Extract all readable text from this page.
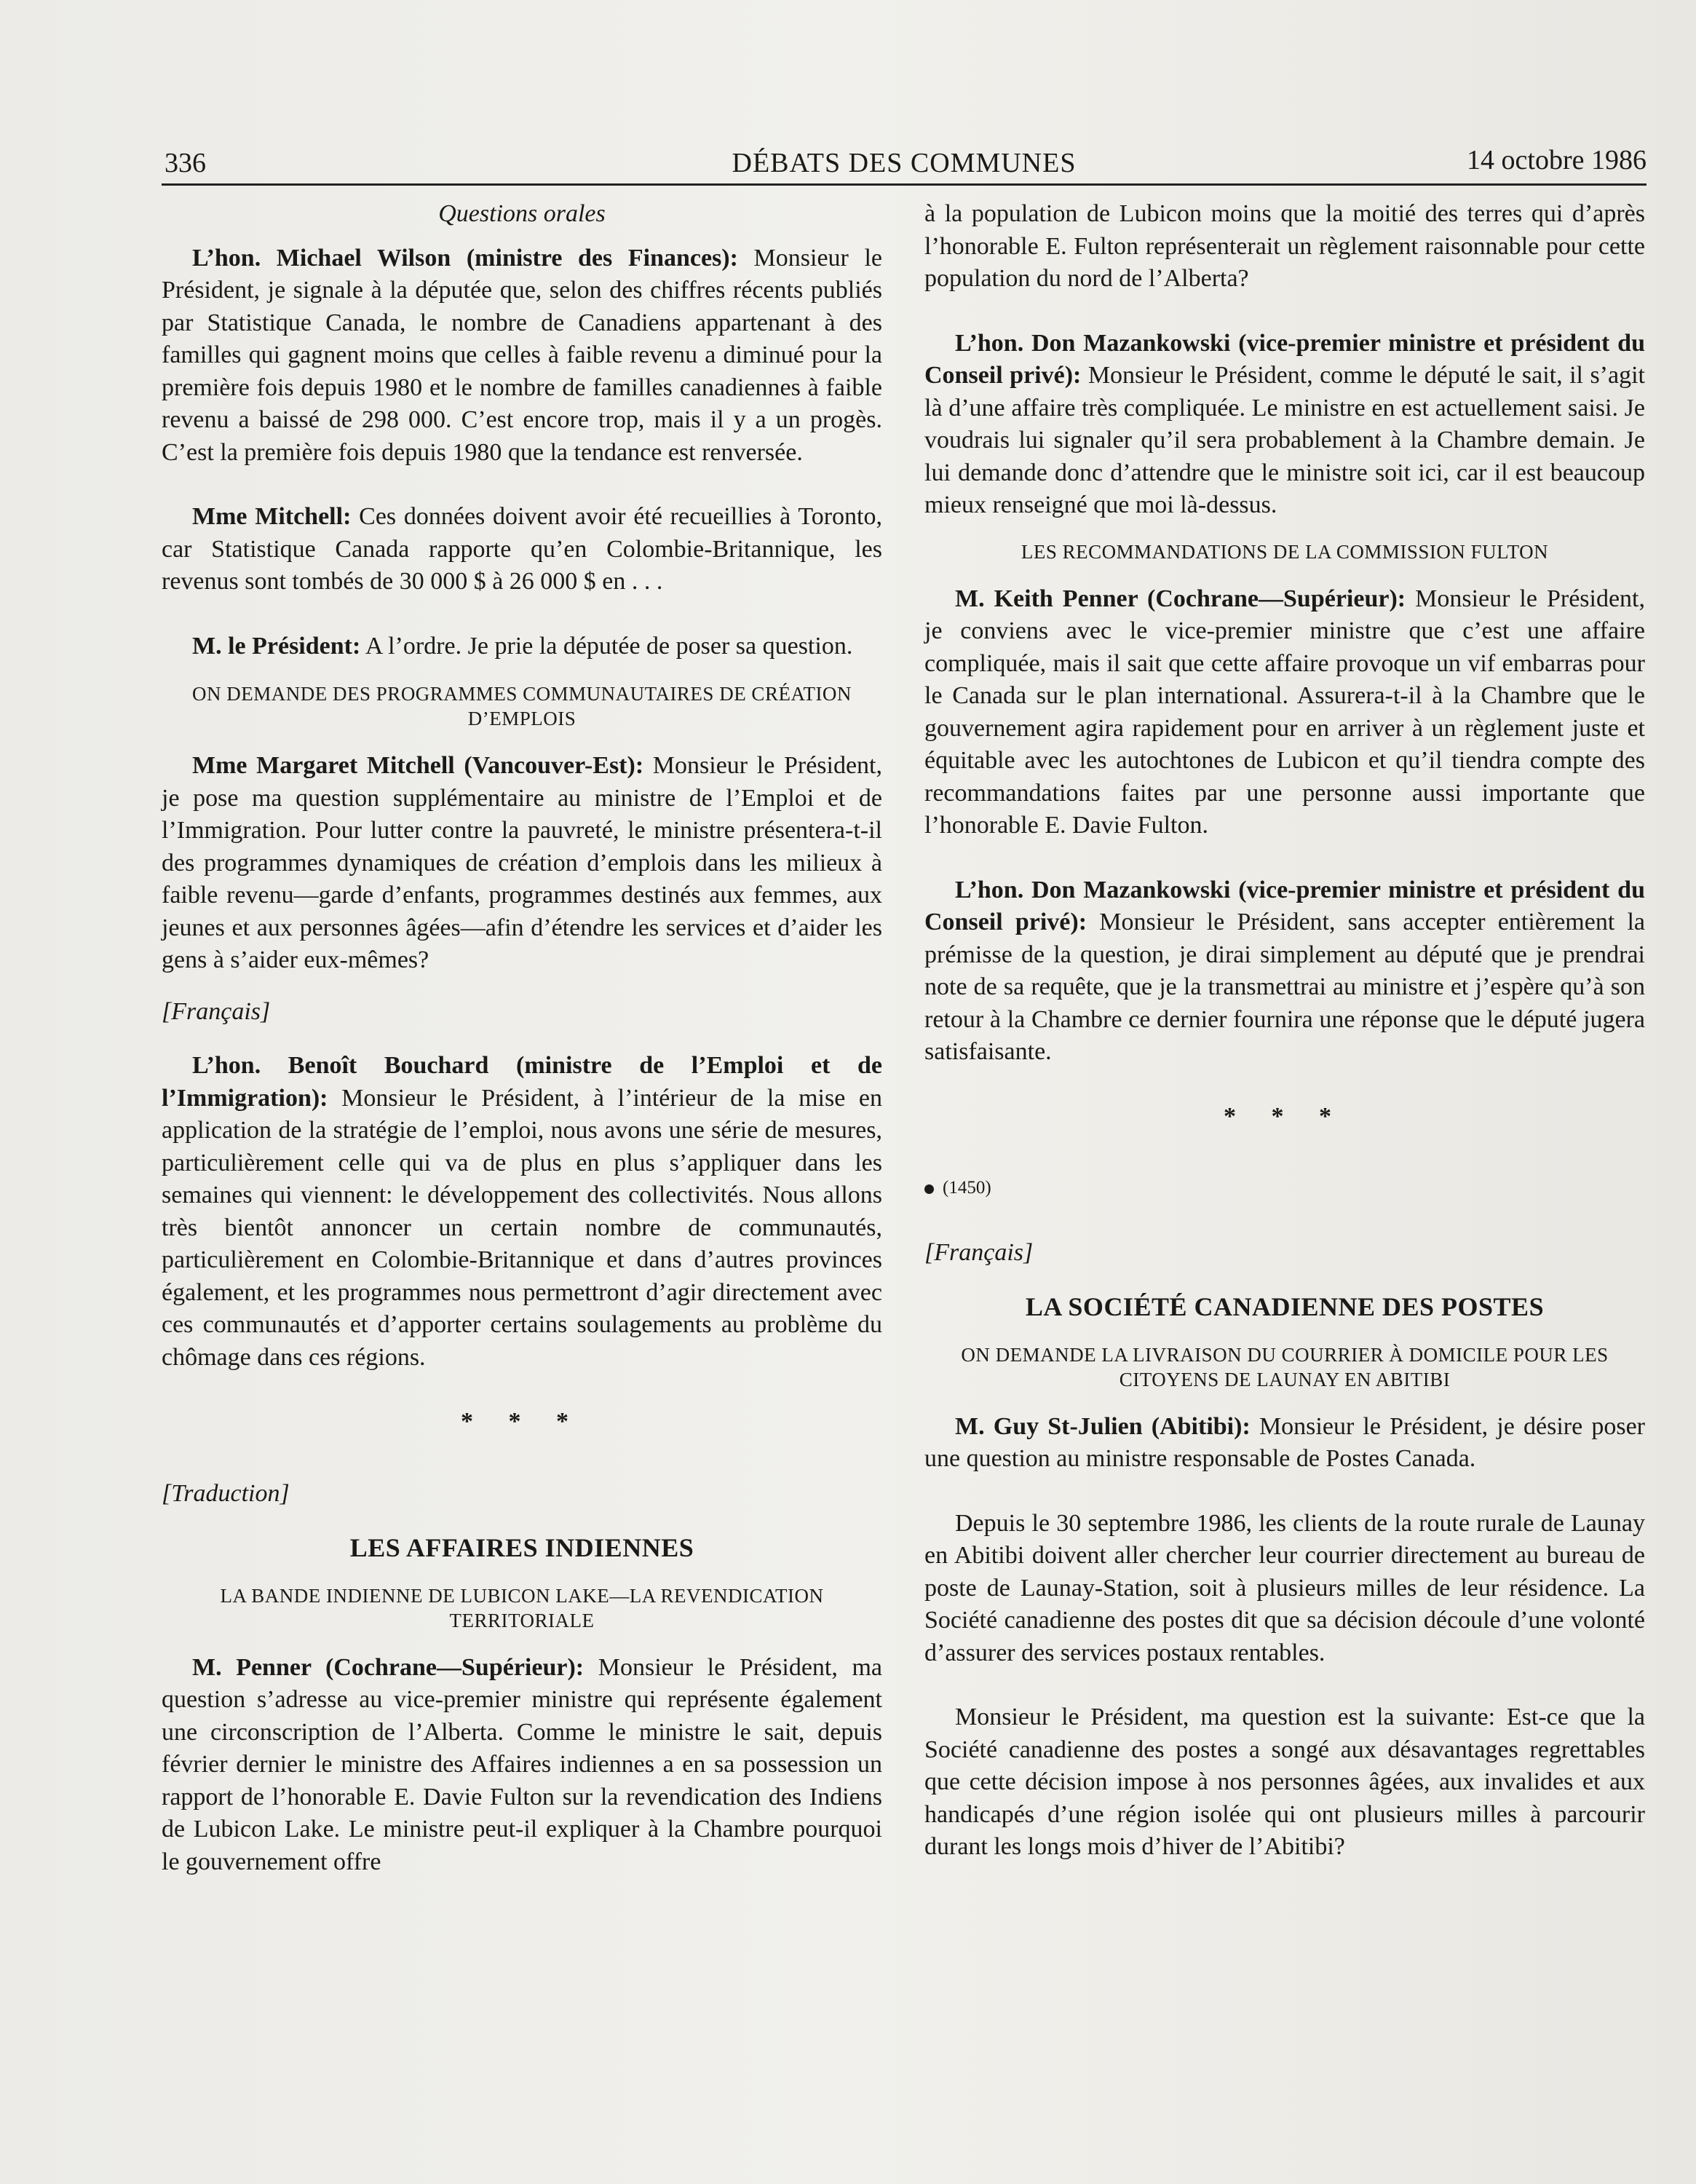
336	DÉBATS DES COMMUNES	14 octobre 1986
Questions orales

L’hon. Michael Wilson (ministre des Finances): Monsieur le Président, je signale à la députée que, selon des chiffres récents publiés par Statistique Canada, le nombre de Canadiens appartenant à des familles qui gagnent moins que celles à faible revenu a diminué pour la première fois depuis 1980 et le nombre de familles canadiennes à faible revenu a baissé de 298 000. C’est encore trop, mais il y a un progès. C’est la première fois depuis 1980 que la tendance est renversée.

Mme Mitchell: Ces données doivent avoir été recueillies à Toronto, car Statistique Canada rapporte qu’en Colombie-Britannique, les revenus sont tombés de 30 000 $ à 26 000 $ en . . .

M. le Président: A l’ordre. Je prie la députée de poser sa question.

ON DEMANDE DES PROGRAMMES COMMUNAUTAIRES DE CRÉATION D’EMPLOIS

Mme Margaret Mitchell (Vancouver-Est): Monsieur le Président, je pose ma question supplémentaire au ministre de l’Emploi et de l’Immigration. Pour lutter contre la pauvreté, le ministre présentera-t-il des programmes dynamiques de création d’emplois dans les milieux à faible revenu—garde d’enfants, programmes destinés aux femmes, aux jeunes et aux personnes âgées—afin d’étendre les services et d’aider les gens à s’aider eux-mêmes?

[Français]

L’hon. Benoît Bouchard (ministre de l’Emploi et de l’Immigration): Monsieur le Président, à l’intérieur de la mise en application de la stratégie de l’emploi, nous avons une série de mesures, particulièrement celle qui va de plus en plus s’appliquer dans les semaines qui viennent: le développement des collectivités. Nous allons très bientôt annoncer un certain nombre de communautés, particulièrement en Colombie-Britannique et dans d’autres provinces également, et les programmes nous permettront d’agir directement avec ces communautés et d’apporter certains soulagements au problème du chômage dans ces régions.

* * *
[Traduction]
LES AFFAIRES INDIENNES
LA BANDE INDIENNE DE LUBICON LAKE—LA REVENDICATION TERRITORIALE

M. Penner (Cochrane—Supérieur): Monsieur le Président, ma question s’adresse au vice-premier ministre qui représente également une circonscription de l’Alberta. Comme le ministre le sait, depuis février dernier le ministre des Affaires indiennes a en sa possession un rapport de l’honorable E. Davie Fulton sur la revendication des Indiens de Lubicon Lake. Le ministre peut-il expliquer à la Chambre pourquoi le gouvernement offre

à la population de Lubicon moins que la moitié des terres qui d’après l’honorable E. Fulton représenterait un règlement raisonnable pour cette population du nord de l’Alberta?

L’hon. Don Mazankowski (vice-premier ministre et président du Conseil privé): Monsieur le Président, comme le député le sait, il s’agit là d’une affaire très compliquée. Le ministre en est actuellement saisi. Je voudrais lui signaler qu’il sera probablement à la Chambre demain. Je lui demande donc d’attendre que le ministre soit ici, car il est beaucoup mieux renseigné que moi là-dessus.

LES RECOMMANDATIONS DE LA COMMISSION FULTON

M. Keith Penner (Cochrane—Supérieur): Monsieur le Président, je conviens avec le vice-premier ministre que c’est une affaire compliquée, mais il sait que cette affaire provoque un vif embarras pour le Canada sur le plan international. Assurera-t-il à la Chambre que le gouvernement agira rapidement pour en arriver à un règlement juste et équitable avec les autochtones de Lubicon et qu’il tiendra compte des recommandations faites par une personne aussi importante que l’honorable E. Davie Fulton.

L’hon. Don Mazankowski (vice-premier ministre et président du Conseil privé): Monsieur le Président, sans accepter entièrement la prémisse de la question, je dirai simplement au député que je prendrai note de sa requête, que je la transmettrai au ministre et j’espère qu’à son retour à la Chambre ce dernier fournira une réponse que le député jugera satisfaisante.

* * *
(1450)
[Français]
LA SOCIÉTÉ CANADIENNE DES POSTES
ON DEMANDE LA LIVRAISON DU COURRIER À DOMICILE POUR LES CITOYENS DE LAUNAY EN ABITIBI

M. Guy St-Julien (Abitibi): Monsieur le Président, je désire poser une question au ministre responsable de Postes Canada.

Depuis le 30 septembre 1986, les clients de la route rurale de Launay en Abitibi doivent aller chercher leur courrier directement au bureau de poste de Launay-Station, soit à plusieurs milles de leur résidence. La Société canadienne des postes dit que sa décision découle d’une volonté d’assurer des services postaux rentables.

Monsieur le Président, ma question est la suivante: Est-ce que la Société canadienne des postes a songé aux désavantages regrettables que cette décision impose à nos personnes âgées, aux invalides et aux handicapés d’une région isolée qui ont plusieurs milles à parcourir durant les longs mois d’hiver de l’Abitibi?
